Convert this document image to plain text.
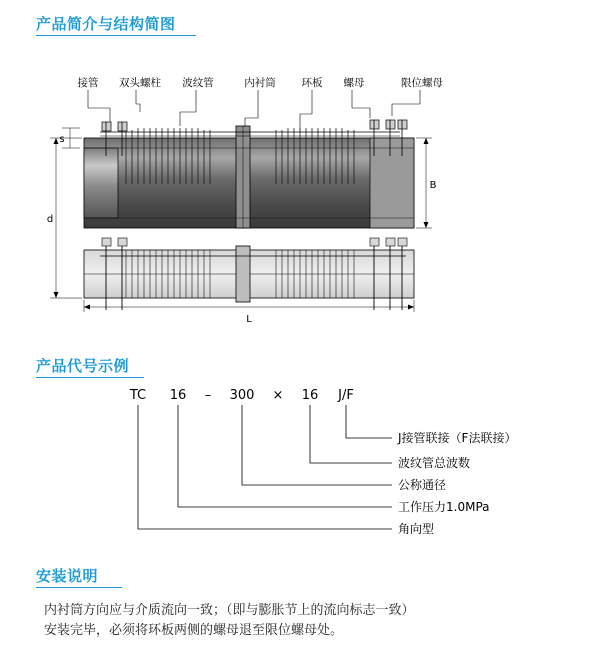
产品简介与结构简图
接管 双头螺柱 波纹管	内衬筒 环板 螺母	限位螺母
s
d
B
L
产品代号示例
TC 16 – 300 × 16 J/F
J接管联接（F法联接）
波纹管总波数
公称通径
工作压力1.0MPa
角向型
安装说明
内衬筒方向应与介质流向一致；（即与膨胀节上的流向标志一致）
安装完毕，必须将环板两侧的螺母退至限位螺母处。
